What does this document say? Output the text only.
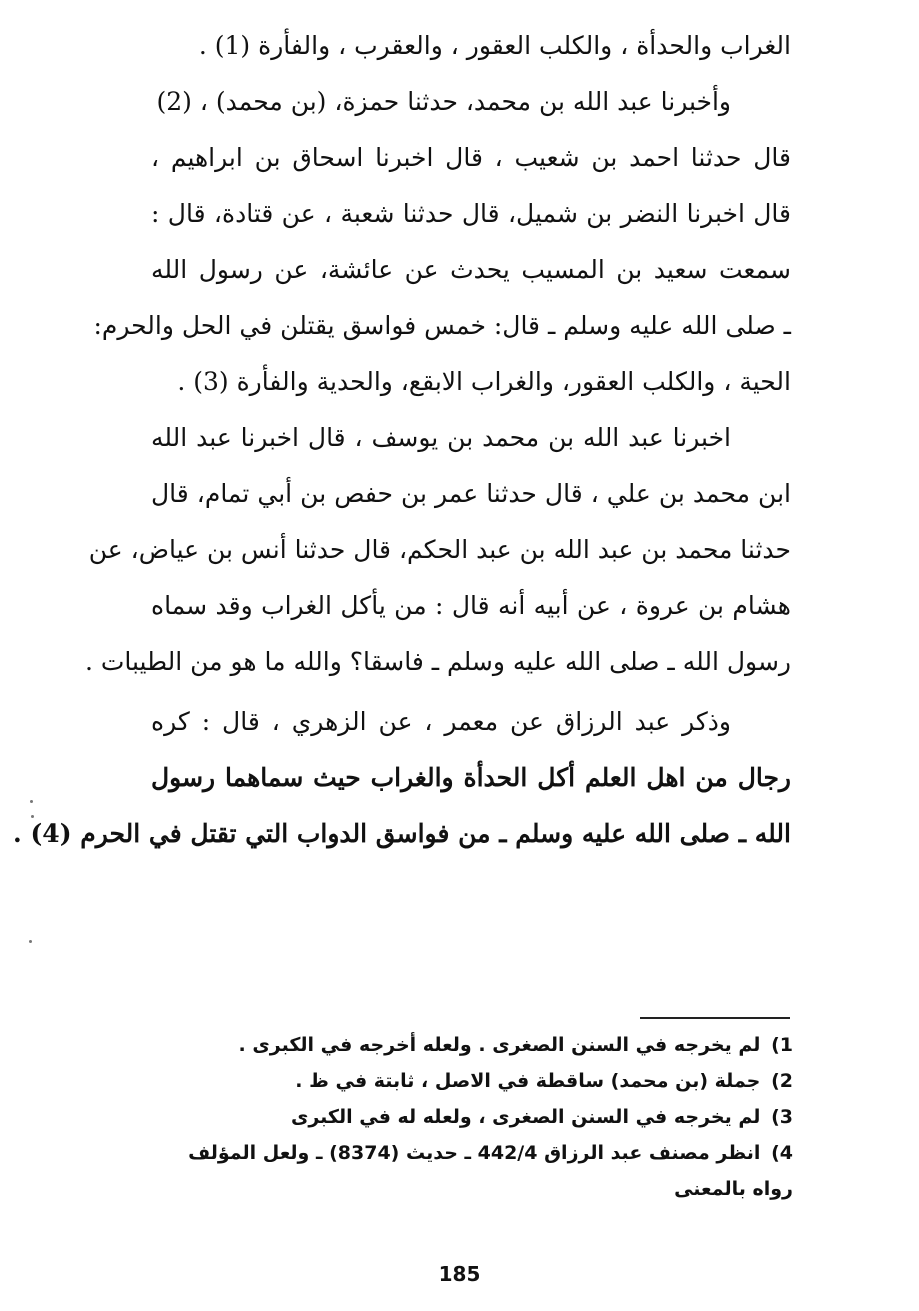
الغراب والحدأة ، والكلب العقور ، والعقرب ، والفأرة (1) .
وأخبرنا عبد الله بن محمد، حدثنا حمزة، (بن محمد) ، (2)
قال حدثنا احمد بن شعيب ، قال اخبرنا اسحاق بن ابراهيم ،
قال اخبرنا النضر بن شميل، قال حدثنا شعبة ، عن قتادة، قال :
سمعت سعيد بن المسيب يحدث عن عائشة، عن رسول الله
ـ صلى الله عليه وسلم ـ قال: خمس فواسق يقتلن في الحل والحرم:
الحية ، والكلب العقور، والغراب الابقع، والحدية والفأرة (3) .
اخبرنا عبد الله بن محمد بن يوسف ، قال اخبرنا عبد الله
ابن محمد بن علي ، قال حدثنا عمر بن حفص بن أبي تمام، قال
حدثنا محمد بن عبد الله بن عبد الحكم، قال حدثنا أنس بن عياض، عن
هشام بن عروة ، عن أبيه أنه قال : من يأكل الغراب وقد سماه
رسول الله ـ صلى الله عليه وسلم ـ فاسقا؟ والله ما هو من الطيبات .
وذكر عبد الرزاق عن معمر ، عن الزهري ، قال : كره
رجال من اهل العلم أكل الحدأة والغراب حيث سماهما رسول
الله ـ صلى الله عليه وسلم ـ من فواسق الدواب التي تقتل في الحرم (4) .
1) لم يخرجه في السنن الصغرى . ولعله أخرجه في الكبرى .
2) جملة (بن محمد) ساقطة في الاصل ، ثابتة في ظ .
3) لم يخرجه في السنن الصغرى ، ولعله له في الكبرى
4) انظر مصنف عبد الرزاق 442/4 ـ حديث (8374) ـ ولعل المؤلف
رواه بالمعنى
185
